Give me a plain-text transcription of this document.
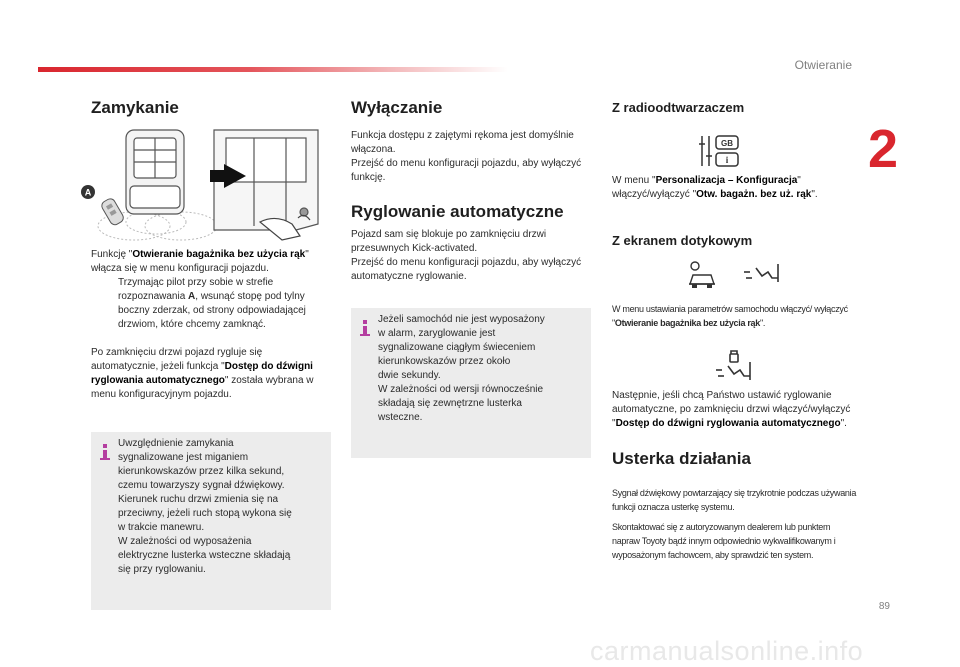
Otwieranie
2
89
carmanualsonline.info
Zamykanie
A

Funkcję "Otwieranie bagażnika bez użycia rąk" włącza się w menu konfiguracji pojazdu.

Trzymając pilot przy sobie w strefie rozpoznawania A, wsunąć stopę pod tylny boczny zderzak, od strony odpowiadającej drzwiom, które chcemy zamknąć.

Po zamknięciu drzwi pojazd rygluje się automatycznie, jeżeli funkcja "Dostęp do dźwigni ryglowania automatycznego" została wybrana w menu konfiguracyjnym pojazdu.

Uwzględnienie zamykania
sygnalizowane jest miganiem
kierunkowskazów przez kilka sekund,
czemu towarzyszy sygnał dźwiękowy.
Kierunek ruchu drzwi zmienia się na
przeciwny, jeżeli ruch stopą wykona się
w trakcie manewru.
W zależności od wyposażenia
elektryczne lusterka wsteczne składają
się przy ryglowaniu.
Wyłączanie

Funkcja dostępu z zajętymi rękoma jest domyślnie włączona.
Przejść do menu konfiguracji pojazdu, aby wyłączyć funkcję.

Ryglowanie automatyczne

Pojazd sam się blokuje po zamknięciu drzwi przesuwnych Kick-activated.
Przejść do menu konfiguracji pojazdu, aby wyłączyć automatyczne ryglowanie.

Jeżeli samochód nie jest wyposażony
w alarm, zaryglowanie jest
sygnalizowane ciągłym świeceniem
kierunkowskazów przez około
dwie sekundy.
W zależności od wersji równocześnie
składają się zewnętrzne lusterka
wsteczne.
Z radioodtwarzaczem
GB
i

W menu "Personalizacja – Konfiguracja" włączyć/wyłączyć "Otw. bagażn. bez uż. rąk".

Z ekranem dotykowym

W menu ustawiania parametrów samochodu włączyć/ wyłączyć "Otwieranie bagażnika bez użycia rąk".

Następnie, jeśli chcą Państwo ustawić ryglowanie automatyczne, po zamknięciu drzwi włączyć/wyłączyć "Dostęp do dźwigni ryglowania automatycznego".

Usterka działania

Sygnał dźwiękowy powtarzający się trzykrotnie podczas używania funkcji oznacza usterkę systemu.

Skontaktować się z autoryzowanym dealerem lub punktem napraw Toyoty bądź innym odpowiednio wykwalifikowanym i wyposażonym fachowcem, aby sprawdzić ten system.
